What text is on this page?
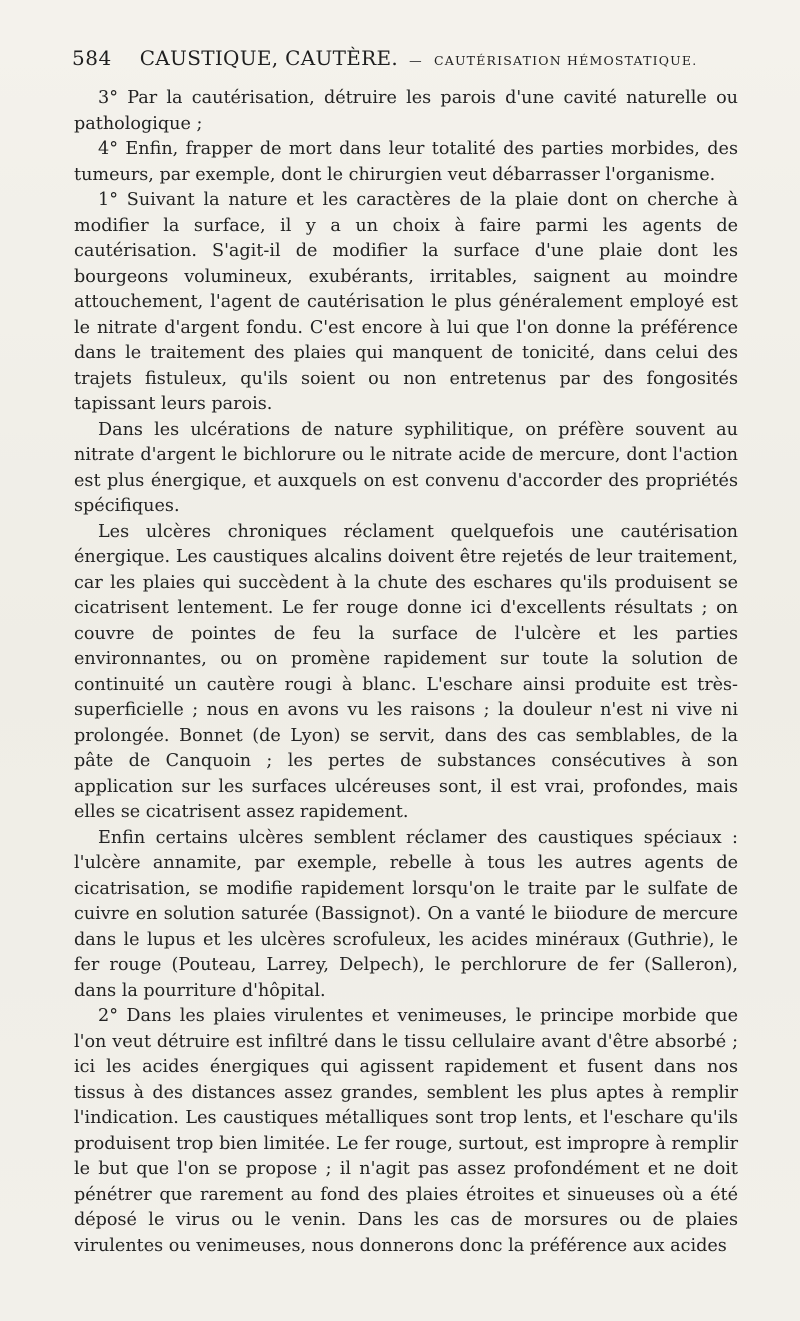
584 CAUSTIQUE, CAUTÈRE. — CAUTÉRISATION HÉMOSTATIQUE.

3° Par la cautérisation, détruire les parois d'une cavité naturelle ou pathologique ;

4° Enfin, frapper de mort dans leur totalité des parties morbides, des tumeurs, par exemple, dont le chirurgien veut débarrasser l'organisme.

1° Suivant la nature et les caractères de la plaie dont on cherche à modifier la surface, il y a un choix à faire parmi les agents de cautérisation. S'agit-il de modifier la surface d'une plaie dont les bourgeons volumineux, exubérants, irritables, saignent au moindre attouchement, l'agent de cautérisation le plus généralement employé est le nitrate d'argent fondu. C'est encore à lui que l'on donne la préférence dans le traitement des plaies qui manquent de tonicité, dans celui des trajets fistuleux, qu'ils soient ou non entretenus par des fongosités tapissant leurs parois.

Dans les ulcérations de nature syphilitique, on préfère souvent au nitrate d'argent le bichlorure ou le nitrate acide de mercure, dont l'action est plus énergique, et auxquels on est convenu d'accorder des propriétés spécifiques.

Les ulcères chroniques réclament quelquefois une cautérisation énergique. Les caustiques alcalins doivent être rejetés de leur traitement, car les plaies qui succèdent à la chute des eschares qu'ils produisent se cicatrisent lentement. Le fer rouge donne ici d'excellents résultats ; on couvre de pointes de feu la surface de l'ulcère et les parties environnantes, ou on promène rapidement sur toute la solution de continuité un cautère rougi à blanc. L'eschare ainsi produite est très-superficielle ; nous en avons vu les raisons ; la douleur n'est ni vive ni prolongée. Bonnet (de Lyon) se servit, dans des cas semblables, de la pâte de Canquoin ; les pertes de substances consécutives à son application sur les surfaces ulcéreuses sont, il est vrai, profondes, mais elles se cicatrisent assez rapidement.

Enfin certains ulcères semblent réclamer des caustiques spéciaux : l'ulcère annamite, par exemple, rebelle à tous les autres agents de cicatrisation, se modifie rapidement lorsqu'on le traite par le sulfate de cuivre en solution saturée (Bassignot). On a vanté le biiodure de mercure dans le lupus et les ulcères scrofuleux, les acides minéraux (Guthrie), le fer rouge (Pouteau, Larrey, Delpech), le perchlorure de fer (Salleron), dans la pourriture d'hôpital.

2° Dans les plaies virulentes et venimeuses, le principe morbide que l'on veut détruire est infiltré dans le tissu cellulaire avant d'être absorbé ; ici les acides énergiques qui agissent rapidement et fusent dans nos tissus à des distances assez grandes, semblent les plus aptes à remplir l'indication. Les caustiques métalliques sont trop lents, et l'eschare qu'ils produisent trop bien limitée. Le fer rouge, surtout, est impropre à remplir le but que l'on se propose ; il n'agit pas assez profondément et ne doit pénétrer que rarement au fond des plaies étroites et sinueuses où a été déposé le virus ou le venin. Dans les cas de morsures ou de plaies virulentes ou venimeuses, nous donnerons donc la préférence aux acides
